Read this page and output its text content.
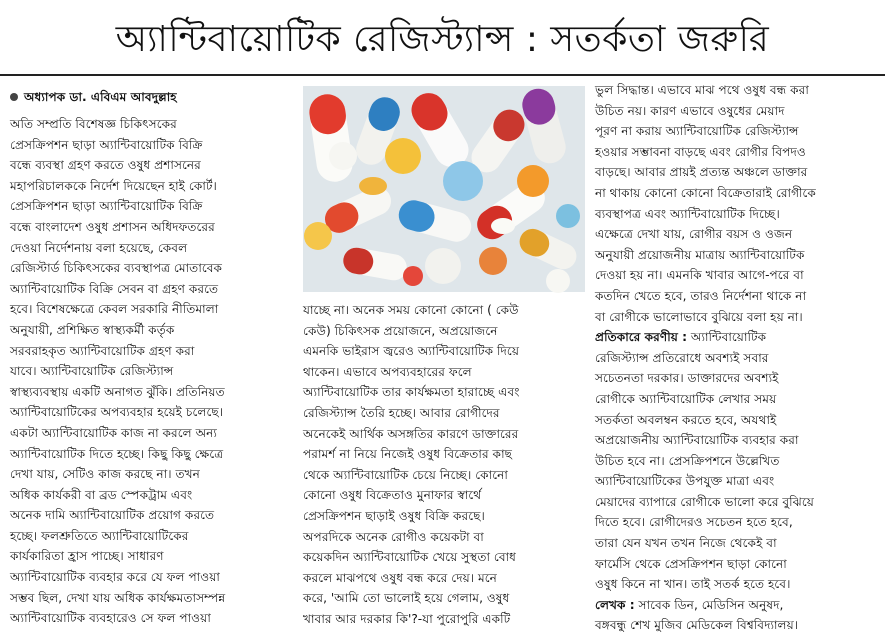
অ্যান্টিবায়োটিক রেজিস্ট্যান্স : সতর্কতা জরুরি

অধ্যাপক ডা. এবিএম আবদুল্লাহ

অতি সম্প্রতি বিশেষজ্ঞ চিকিৎসকের
প্রেসক্রিপশন ছাড়া অ্যান্টিবায়োটিক বিক্রি
বন্ধে ব্যবস্থা গ্রহণ করতে ওষুধ প্রশাসনের
মহাপরিচালককে নির্দেশ দিয়েছেন হাই কোর্ট।
প্রেসক্রিপশন ছাড়া অ্যান্টিবায়োটিক বিক্রি
বন্ধে বাংলাদেশ ওষুধ প্রশাসন অধিদফতরের
দেওয়া নির্দেশনায় বলা হয়েছে, কেবল
রেজিস্টার্ড চিকিৎসকের ব্যবস্থাপত্র মোতাবেক
অ্যান্টিবায়োটিক বিক্রি সেবন বা গ্রহণ করতে
হবে। বিশেষক্ষেত্রে কেবল সরকারি নীতিমালা
অনুযায়ী, প্রশিক্ষিত স্বাস্থ্যকর্মী কর্তৃক
সরবরাহকৃত অ্যান্টিবায়োটিক গ্রহণ করা
যাবে। অ্যান্টিবায়োটিক রেজিস্ট্যান্স
স্বাস্থ্যব্যবস্থায় একটি অনাগত ঝুঁকি। প্রতিনিয়ত
অ্যান্টিবায়োটিকের অপব্যবহার হয়েই চলেছে।
একটা অ্যান্টিবায়োটিক কাজ না করলে অন্য
অ্যান্টিবায়োটিক দিতে হচ্ছে। কিছু কিছু ক্ষেত্রে
দেখা যায়, সেটিও কাজ করছে না। তখন
অধিক কার্যকরী বা ব্রড স্পেকট্রাম এবং
অনেক দামি অ্যান্টিবায়োটিক প্রয়োগ করতে
হচ্ছে। ফলশ্রুতিতে অ্যান্টিবায়োটিকের
কার্যকারিতা হ্রাস পাচ্ছে। সাধারণ
অ্যান্টিবায়োটিক ব্যবহার করে যে ফল পাওয়া
সম্ভব ছিল, দেখা যায় অধিক কার্যক্ষমতাসম্পন্ন
অ্যান্টিবায়োটিক ব্যবহারেও সে ফল পাওয়া

যাচ্ছে না। অনেক সময় কোনো কোনো ( কেউ
কেউ) চিকিৎসক প্রয়োজনে, অপ্রয়োজনে
এমনকি ভাইরাস জ্বরেও অ্যান্টিবায়োটিক দিয়ে
থাকেন। এভাবে অপব্যবহারের ফলে
অ্যান্টিবায়োটিক তার কার্যক্ষমতা হারাচ্ছে এবং
রেজিস্ট্যান্স তৈরি হচ্ছে। আবার রোগীদের
অনেকেই আর্থিক অসঙ্গতির কারণে ডাক্তারের
পরামর্শ না নিয়ে নিজেই ওষুধ বিক্রেতার কাছ
থেকে অ্যান্টিবায়োটিক চেয়ে নিচ্ছে। কোনো
কোনো ওষুধ বিক্রেতাও মুনাফার স্বার্থে
প্রেসক্রিপশন ছাড়াই ওষুধ বিক্রি করছে।
অপরদিকে অনেক রোগীও কয়েকটা বা
কয়েকদিন অ্যান্টিবায়োটিক খেয়ে সুস্থতা বোধ
করলে মাঝপথে ওষুধ বন্ধ করে দেয়। মনে
করে, 'আমি তো ভালোই হয়ে গেলাম, ওষুধ
খাবার আর দরকার কি'?-যা পুরোপুরি একটি

ভুল সিদ্ধান্ত। এভাবে মাঝ পথে ওষুধ বন্ধ করা
উচিত নয়। কারণ এভাবে ওষুধের মেয়াদ
পূরণ না করায় অ্যান্টিবায়োটিক রেজিস্ট্যান্স
হওয়ার সম্ভাবনা বাড়ছে এবং রোগীর বিপদও
বাড়ছে। আবার প্রায়ই প্রত্যন্ত অঞ্চলে ডাক্তার
না থাকায় কোনো কোনো বিক্রেতারাই রোগীকে
ব্যবস্থাপত্র এবং অ্যান্টিবায়োটিক দিচ্ছে।
এক্ষেত্রে দেখা যায়, রোগীর বয়স ও ওজন
অনুযায়ী প্রয়োজনীয় মাত্রায় অ্যান্টিবায়োটিক
দেওয়া হয় না। এমনকি খাবার আগে-পরে বা
কতদিন খেতে হবে, তারও নির্দেশনা থাকে না
বা রোগীকে ভালোভাবে বুঝিয়ে বলা হয় না।

প্রতিকারে করণীয় : অ্যান্টিবায়োটিক
রেজিস্ট্যান্স প্রতিরোধে অবশ্যই সবার
সচেতনতা দরকার। ডাক্তারদের অবশ্যই
রোগীকে অ্যান্টিবায়োটিক লেখার সময়
সতর্কতা অবলম্বন করতে হবে, অযথাই
অপ্রয়োজনীয় অ্যান্টিবায়োটিক ব্যবহার করা
উচিত হবে না। প্রেসক্রিপশনে উল্লেখিত
অ্যান্টিবায়োটিকের উপযুক্ত মাত্রা এবং
মেয়াদের ব্যাপারে রোগীকে ভালো করে বুঝিয়ে
দিতে হবে। রোগীদেরও সচেতন হতে হবে,
তারা যেন যখন তখন নিজে থেকেই বা
ফার্মেসি থেকে প্রেসক্রিপশন ছাড়া কোনো
ওষুধ কিনে না খান। তাই সতর্ক হতে হবে।

লেখক : সাবেক ডিন, মেডিসিন অনুষদ,
বঙ্গবন্ধু শেখ মুজিব মেডিকেল বিশ্ববিদ্যালয়।
